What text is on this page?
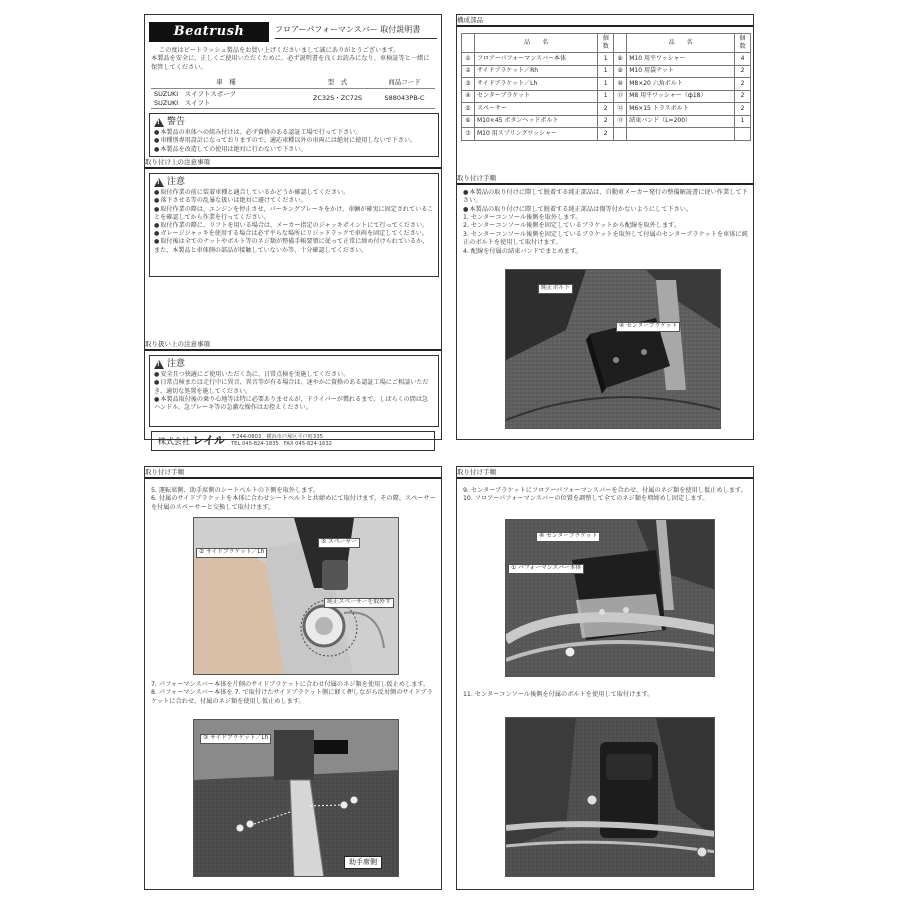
Beatrush	フロアーパフォーマンスバー 取付説明書
この度はビートラッシュ製品をお買い上げくださいまして誠にありがとうございます。
本製品を安全に、正しくご使用いただくために、必ず説明書を良くお読みになり、車検証等と一緒に保管してください。
車　種	型　式	商品コード

SUZUKI　スイフトスポーツ
SUZUKI　スイフト	ZC32S・ZC72S	S88043PB-C
!
警告
● 本製品の車体への組み付けは、必ず資格のある認証工場で行って下さい。
● 車種別専用設計になっておりますので、適応車種以外の車両には絶対に使用しないで下さい。
● 本製品を改造しての使用は絶対に行わないで下さい。
取り付け上の注意事項
!
注意
● 取付作業の前に装着車種と適合しているかどうか確認してください。
● 落下させる等の乱暴な扱いは絶対に避けてください。
● 取付作業の際は、エンジンを停止させ、パーキングブレーキをかけ、車輌が確実に固定されていることを確認してから作業を行ってください。
● 取付作業の際に、リフトを用いる場合は、メーカー指定のジャッキポイントにて行ってください。
● ガレージジャッキを使用する場合は必ず平らな場所にリジッドラックで車両を固定してください。
● 取付後は全てのナットやボルト等のネジ類が整備手帳要領に従って正常に締め付けられているか、また、本製品と車体側の部品が接触していないか等、十分確認してください。
取り扱い上の注意事項
!
注意
● 安全且つ快適にご使用いただく為に、日常点検を実施してください。
● 日常点検または走行中に異音、異音等が有る場合は、速やかに資格のある認証工場にご相談いただき、適切な処置を施してください。
● 本製品取付後の乗り心地等は特に必要ありませんが、ドライバーが慣れるまで、しばらくの間は急ハンドル、急ブレーキ等の急激な操作はお控えください。
株式会社 レイル 〒244-0803　横浜市戸塚区平戸町335
TEL 045-824-1835　FAX 045-824-1632
構成部品
	品　　名	個数		品　　名	個数
①	フロアーパフォーマンスバー本体	1	⑧	M10 用平ワッシャー	4
②	サイドブラケット／Rh	1	⑨	M10 用袋ナット	2
③	サイドブラケット／Lh	1	⑩	M8×20 六角ボルト	2
④	センターブラケット	1	⑪	M8 用平ワッシャー（ф18）	2
⑤	スペーサー	2	⑫	M6×15 トラスボルト	2
⑥	M10×45 ボタンヘッドボルト	2	⑬	結束バンド（L=200）	1
⑦	M10 用スプリングワッシャー	2			
取り付け手順
● 本製品の取り付けに際して脱着する純正部品は、自動車メーカー発行の整備解説書に従い作業して下さい。
● 本製品の取り付けに際して脱着する純正部品は傷等付かないようにして下さい。
1. センターコンソール後側を取外します。
2. センターコンソール後側を固定しているブラケットから配線を取外します。
3. センターコンソール後側を固定しているブラケットを取外して付属のセンターブラケットを車体に純正のボルトを使用して取付けます。
4. 配線を付属の結束バンドでまとめます。
純正ボルト
④ センターブラケット
取り付け手順
5. 運転席側、助手席側のシートベルトの下側を取外します。
6. 付属のサイドブラケットを本体に合わせシートベルトと共締めにて取付けます。その際、スペーサーを付属のスペーサーと交換して取付けます。
② サイドブラケット／Lh
⑤ スペーサー
純正スペーサーを取外す
7. パフォーマンスバー本体を片側のサイドブラケットに合わせ付属のネジ類を使用し仮止めします。
8. パフォーマンスバー本体を 7. で取付けたサイドブラケット側に軽く押しながら反対側のサイドブラケットに合わせ、付属のネジ類を使用し仮止めします。
③ サイドブラケット／Lh
助手席側
取り付け手順
9. センターブラケットにフロアーパフォーマンスバーを合わせ、付属のネジ類を使用し仮止めします。
10. フロアーパフォーマンスバーの位置を調整して全てのネジ類を増締めし固定します。
④ センターブラケット
① パフォーマンスバー本体
11. センターコンソール後側を付属のボルトを使用して取付けます。
